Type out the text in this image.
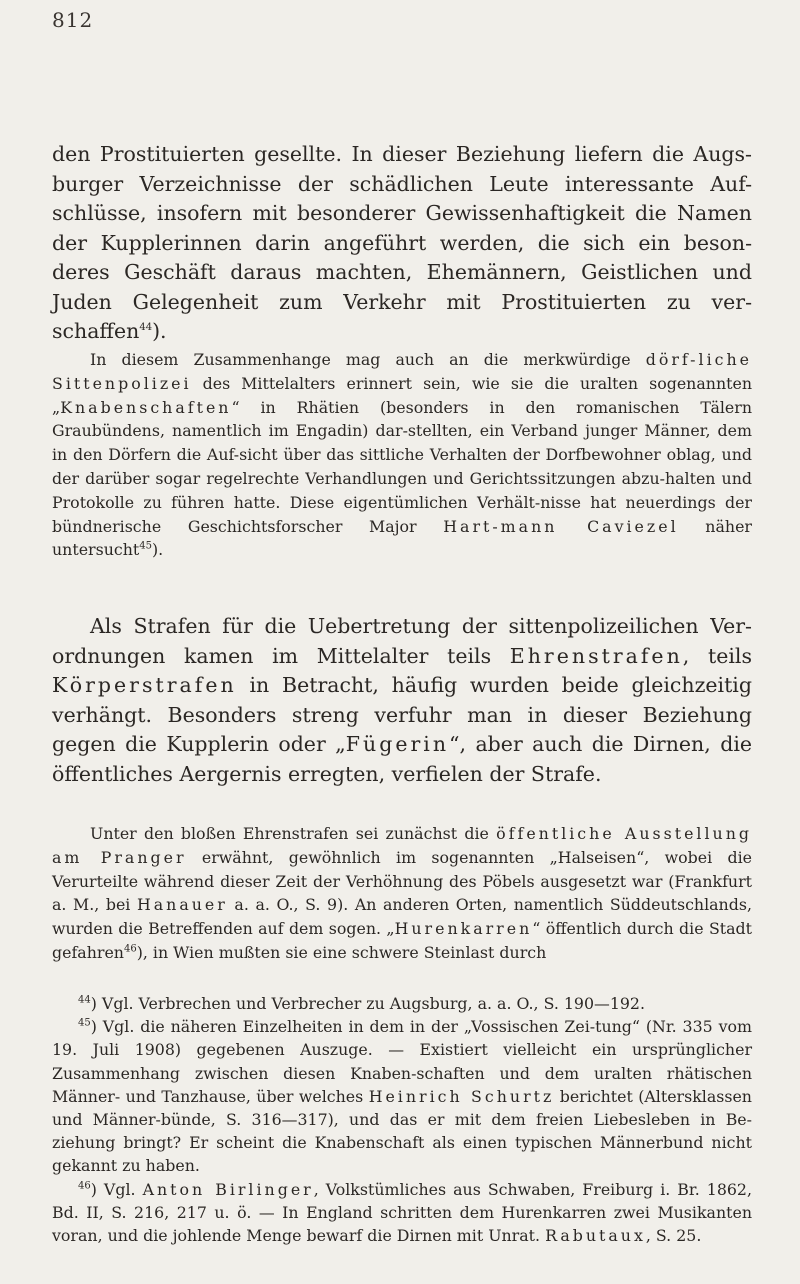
812

den Prostituierten gesellte. In dieser Beziehung liefern die Augs- burger Verzeichnisse der schädlichen Leute interessante Auf- schlüsse, insofern mit besonderer Gewissenhaftigkeit die Namen der Kupplerinnen darin angeführt werden, die sich ein beson- deres Geschäft daraus machten, Ehemännern, Geistlichen und Juden Gelegenheit zum Verkehr mit Prostituierten zu ver- schaffen$^{44}$).

In diesem Zusammenhange mag auch an die merkwürdige dörf-liche Sittenpolizei des Mittelalters erinnert sein, wie sie die uralten sogenannten „Knabenschaften“ in Rhätien (besonders in den romanischen Tälern Graubündens, namentlich im Engadin) dar-stellten, ein Verband junger Männer, dem in den Dörfern die Auf-sicht über das sittliche Verhalten der Dorfbewohner oblag, und der darüber sogar regelrechte Verhandlungen und Gerichtssitzungen abzu-halten und Protokolle zu führen hatte. Diese eigentümlichen Verhält-nisse hat neuerdings der bündnerische Geschichtsforscher Major Hart-mann Caviezel näher untersucht$^{45}$).

Als Strafen für die Uebertretung der sittenpolizeilichen Ver-ordnungen kamen im Mittelalter teils Ehrenstrafen, teils Körperstrafen in Betracht, häufig wurden beide gleichzeitig verhängt. Besonders streng verfuhr man in dieser Beziehung gegen die Kupplerin oder „Fügerin“, aber auch die Dirnen, die öffentliches Aergernis erregten, verfielen der Strafe.

Unter den bloßen Ehrenstrafen sei zunächst die öffentliche Ausstellung am Pranger erwähnt, gewöhnlich im sogenannten „Halseisen“, wobei die Verurteilte während dieser Zeit der Verhöhnung des Pöbels ausgesetzt war (Frankfurt a. M., bei Hanauer a. a. O., S. 9). An anderen Orten, namentlich Süddeutschlands, wurden die Betreffenden auf dem sogen. „Hurenkarren“ öffentlich durch die Stadt gefahren$^{46}$), in Wien mußten sie eine schwere Steinlast durch

$^{44}$) Vgl. Verbrechen und Verbrecher zu Augsburg, a. a. O., S. 190—192.

$^{45}$) Vgl. die näheren Einzelheiten in dem in der „Vossischen Zei-tung“ (Nr. 335 vom 19. Juli 1908) gegebenen Auszuge. — Existiert vielleicht ein ursprünglicher Zusammenhang zwischen diesen Knaben-schaften und dem uralten rhätischen Männer- und Tanzhause, über welches Heinrich Schurtz berichtet (Altersklassen und Männer-bünde, S. 316—317), und das er mit dem freien Liebesleben in Be-ziehung bringt? Er scheint die Knabenschaft als einen typischen Männerbund nicht gekannt zu haben.

$^{46}$) Vgl. Anton Birlinger, Volkstümliches aus Schwaben, Freiburg i. Br. 1862, Bd. II, S. 216, 217 u. ö. — In England schritten dem Hurenkarren zwei Musikanten voran, und die johlende Menge bewarf die Dirnen mit Unrat. Rabutaux, S. 25.
